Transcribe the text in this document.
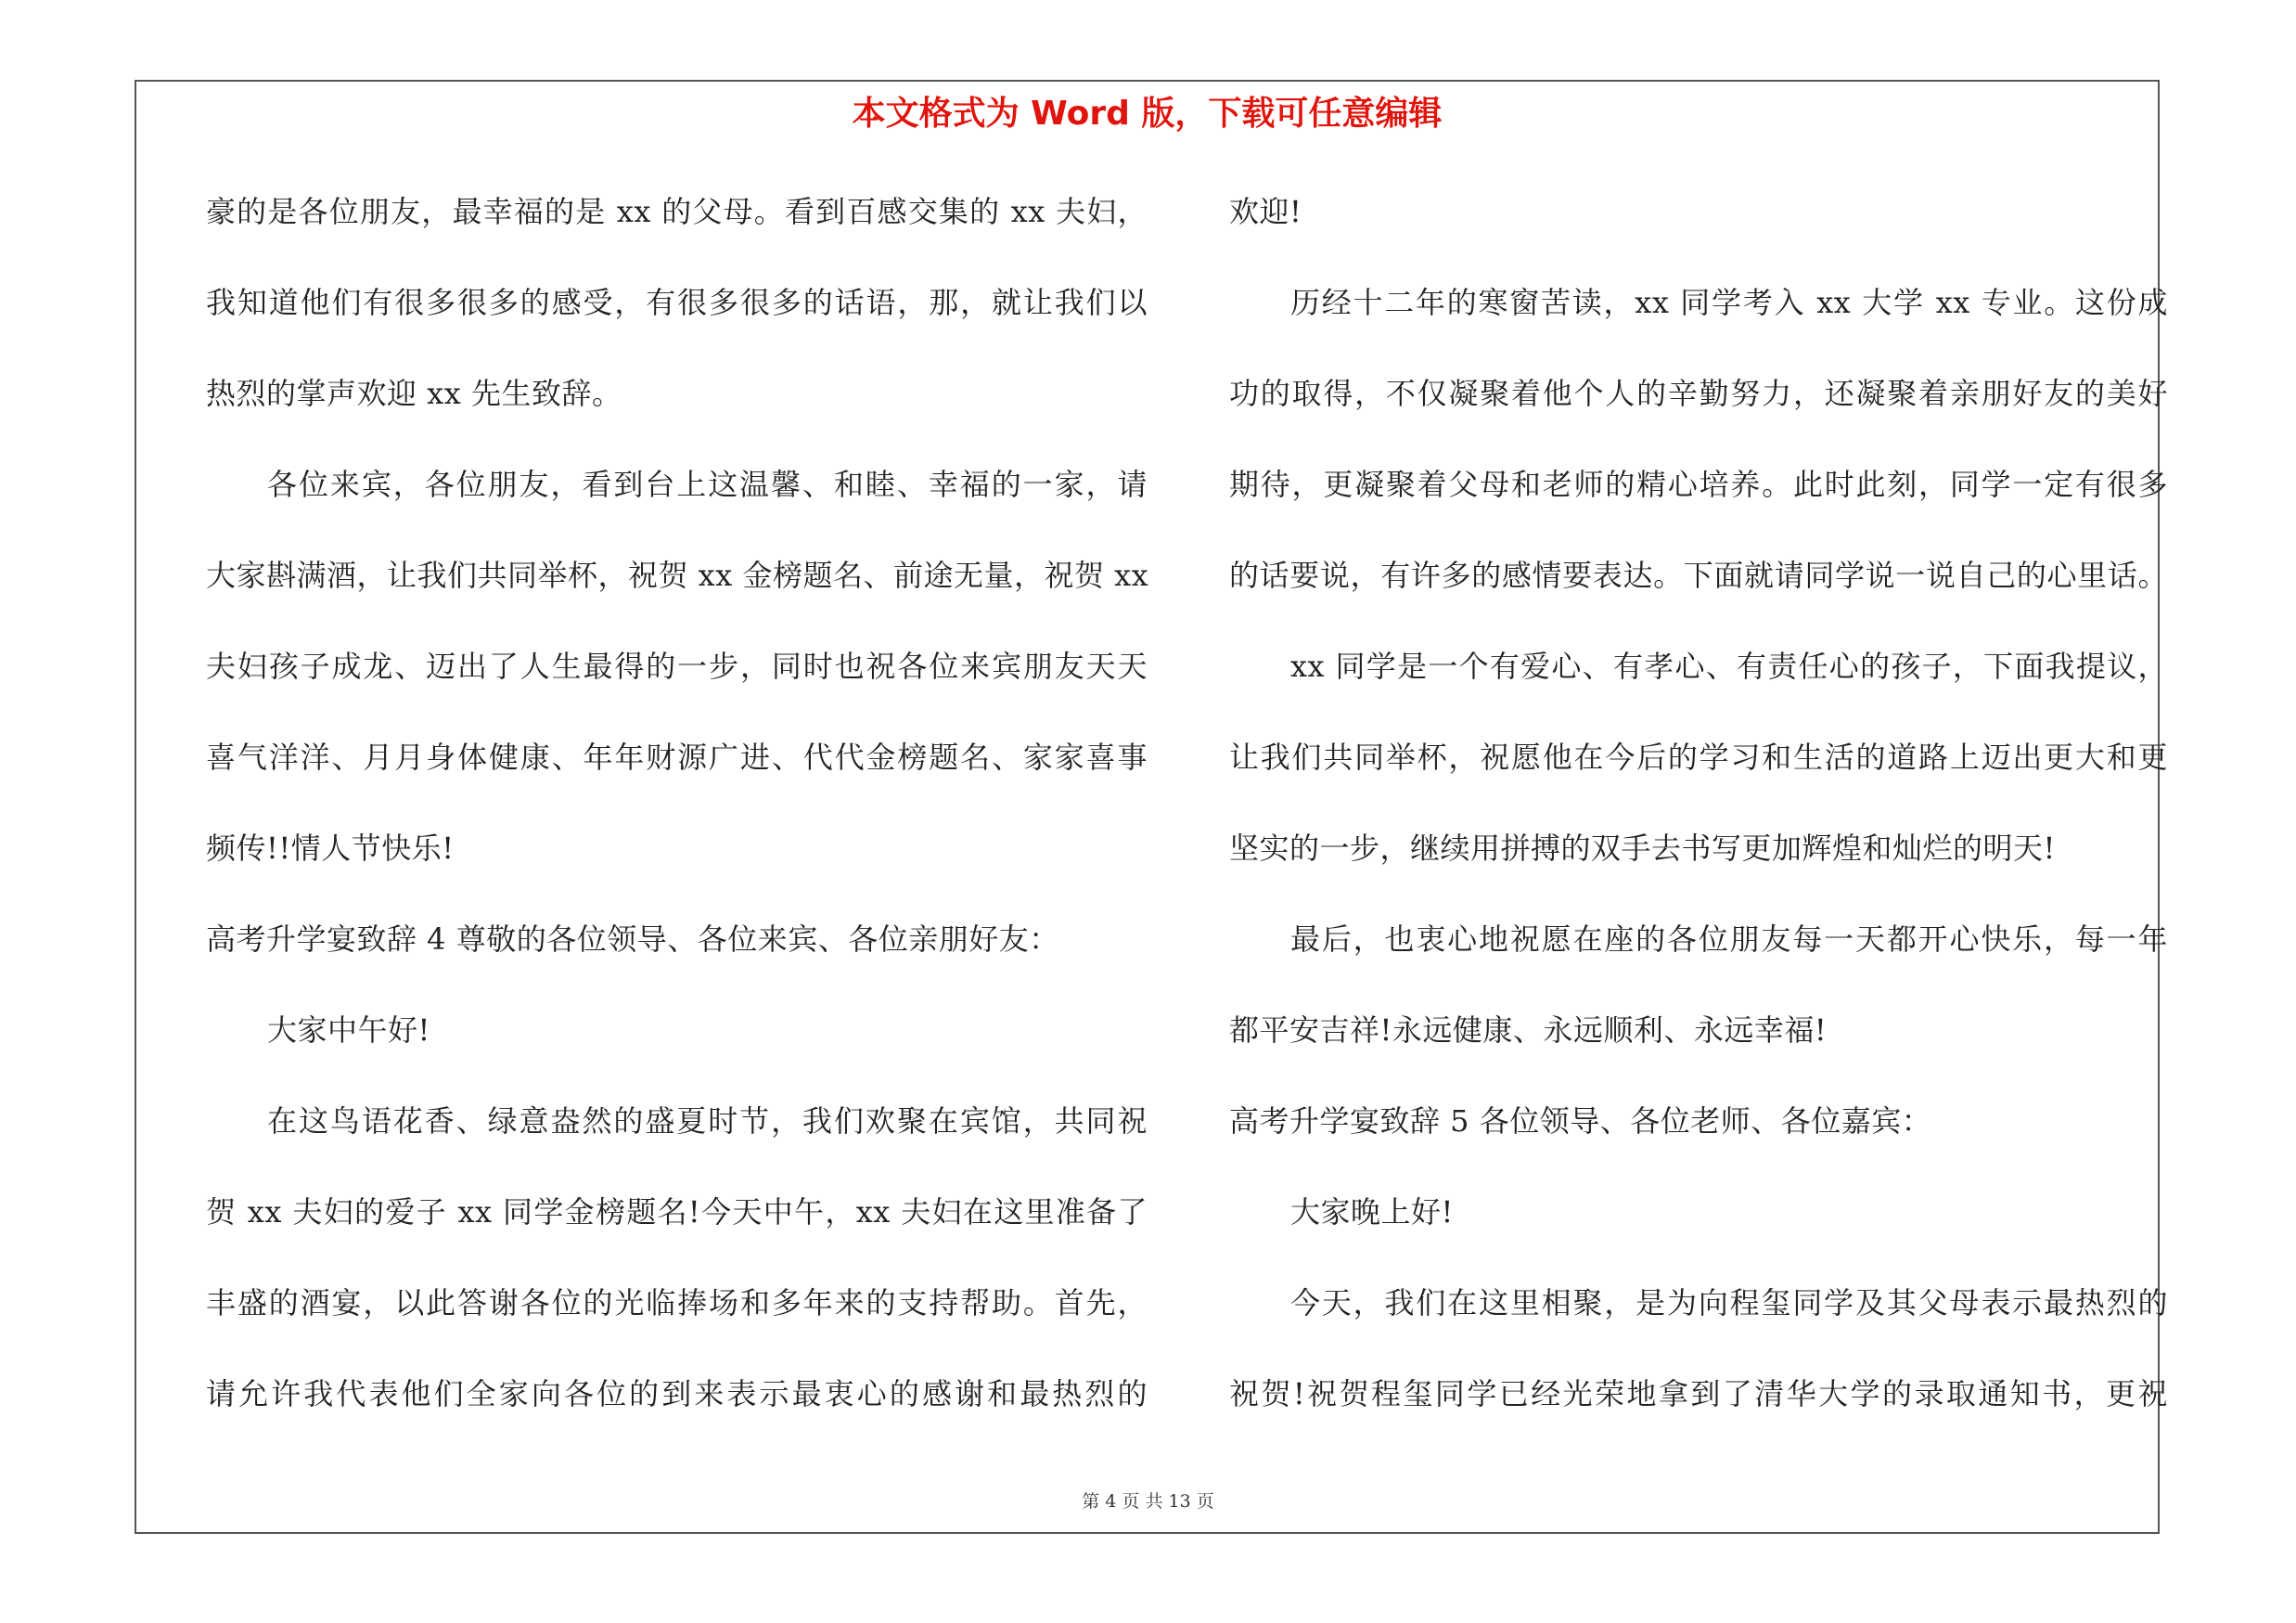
本文格式为 Word 版，下载可任意编辑
豪的是各位朋友，最幸福的是 xx 的父母。看到百感交集的 xx 夫妇，
我知道他们有很多很多的感受，有很多很多的话语，那，就让我们以
热烈的掌声欢迎 xx 先生致辞。
各位来宾，各位朋友，看到台上这温馨、和睦、幸福的一家，请
大家斟满酒，让我们共同举杯，祝贺 xx 金榜题名、前途无量，祝贺 xx
夫妇孩子成龙、迈出了人生最得的一步，同时也祝各位来宾朋友天天
喜气洋洋、月月身体健康、年年财源广进、代代金榜题名、家家喜事
频传!!情人节快乐!
高考升学宴致辞 4 尊敬的各位领导、各位来宾、各位亲朋好友：
大家中午好!
在这鸟语花香、绿意盎然的盛夏时节，我们欢聚在宾馆，共同祝
贺 xx 夫妇的爱子 xx 同学金榜题名!今天中午，xx 夫妇在这里准备了
丰盛的酒宴，以此答谢各位的光临捧场和多年来的支持帮助。首先，
请允许我代表他们全家向各位的到来表示最衷心的感谢和最热烈的
欢迎!
历经十二年的寒窗苦读，xx 同学考入 xx 大学 xx 专业。这份成
功的取得，不仅凝聚着他个人的辛勤努力，还凝聚着亲朋好友的美好
期待，更凝聚着父母和老师的精心培养。此时此刻，同学一定有很多
的话要说，有许多的感情要表达。下面就请同学说一说自己的心里话。
xx 同学是一个有爱心、有孝心、有责任心的孩子，下面我提议，
让我们共同举杯，祝愿他在今后的学习和生活的道路上迈出更大和更
坚实的一步，继续用拼搏的双手去书写更加辉煌和灿烂的明天!
最后，也衷心地祝愿在座的各位朋友每一天都开心快乐，每一年
都平安吉祥!永远健康、永远顺利、永远幸福!
高考升学宴致辞 5 各位领导、各位老师、各位嘉宾：
大家晚上好!
今天，我们在这里相聚，是为向程玺同学及其父母表示最热烈的
祝贺!祝贺程玺同学已经光荣地拿到了清华大学的录取通知书，更祝
第 4 页 共 13 页
